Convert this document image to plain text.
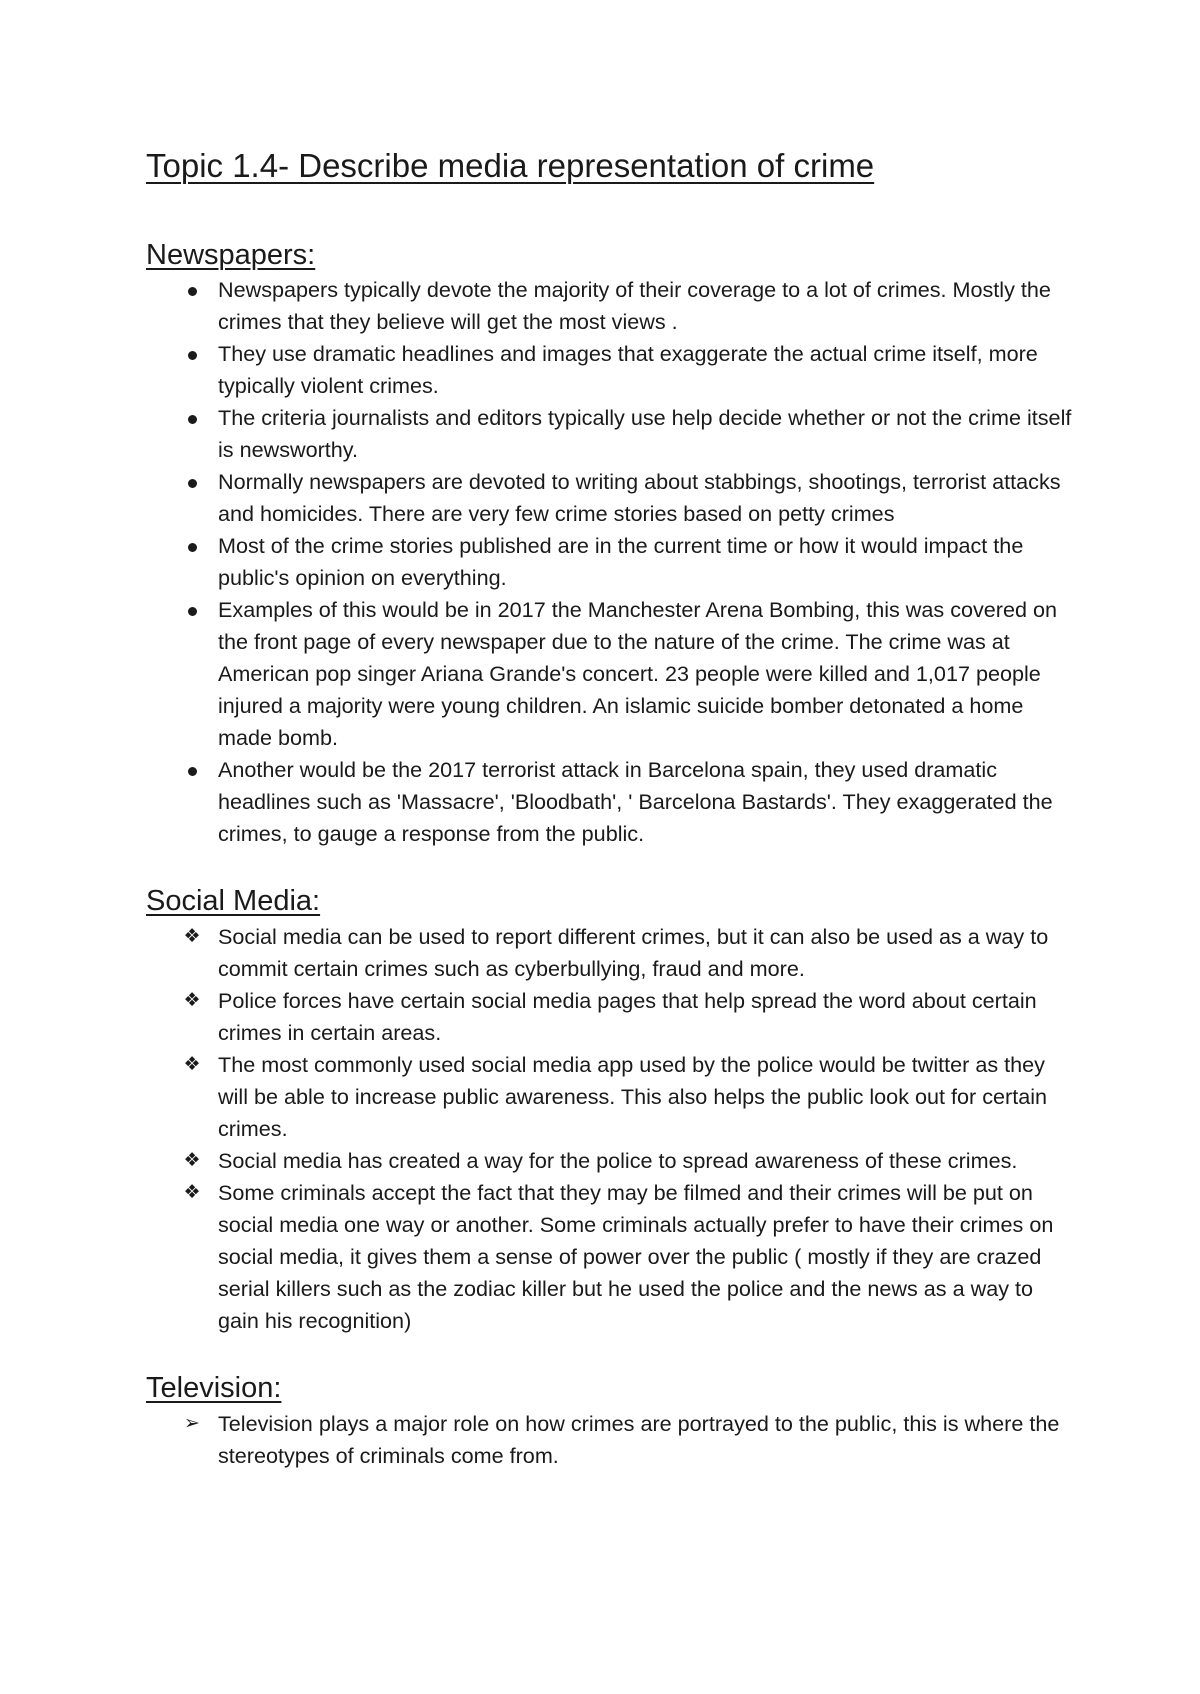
Topic 1.4- Describe media representation of crime
Newspapers:
Newspapers typically devote the majority of their coverage to a lot of crimes. Mostly the crimes that they believe will get the most views .
They use dramatic headlines and images that exaggerate the actual crime itself, more typically violent crimes.
The criteria journalists and editors typically use help decide whether or not the crime itself is newsworthy.
Normally newspapers are devoted to writing about stabbings, shootings, terrorist attacks and homicides. There are very few crime stories based on petty crimes
Most of the crime stories published are in the current time or how it would impact the public's opinion on everything.
Examples of this would be in 2017 the Manchester Arena Bombing, this was covered on the front page of every newspaper due to the nature of the crime. The crime was at American pop singer Ariana Grande's concert. 23 people were killed and 1,017 people injured a majority were young children. An islamic suicide bomber detonated a home made bomb.
Another would be the 2017 terrorist attack in Barcelona spain, they used dramatic headlines such as 'Massacre', 'Bloodbath', ' Barcelona Bastards'. They exaggerated the crimes, to gauge a response from the public.
Social Media:
❖ Social media can be used to report different crimes, but it can also be used as a way to commit certain crimes such as cyberbullying, fraud and more.
❖ Police forces have certain social media pages that help spread the word about certain crimes in certain areas.
❖ The most commonly used social media app used by the police would be twitter as they will be able to increase public awareness. This also helps the public look out for certain crimes.
❖ Social media has created a way for the police to spread awareness of these crimes.
❖ Some criminals accept the fact that they may be filmed and their crimes will be put on social media one way or another. Some criminals actually prefer to have their crimes on social media, it gives them a sense of power over the public ( mostly if they are crazed serial killers such as the zodiac killer but he used the police and the news as a way to gain his recognition)
Television:
➢ Television plays a major role on how crimes are portrayed to the public, this is where the stereotypes of criminals come from.
